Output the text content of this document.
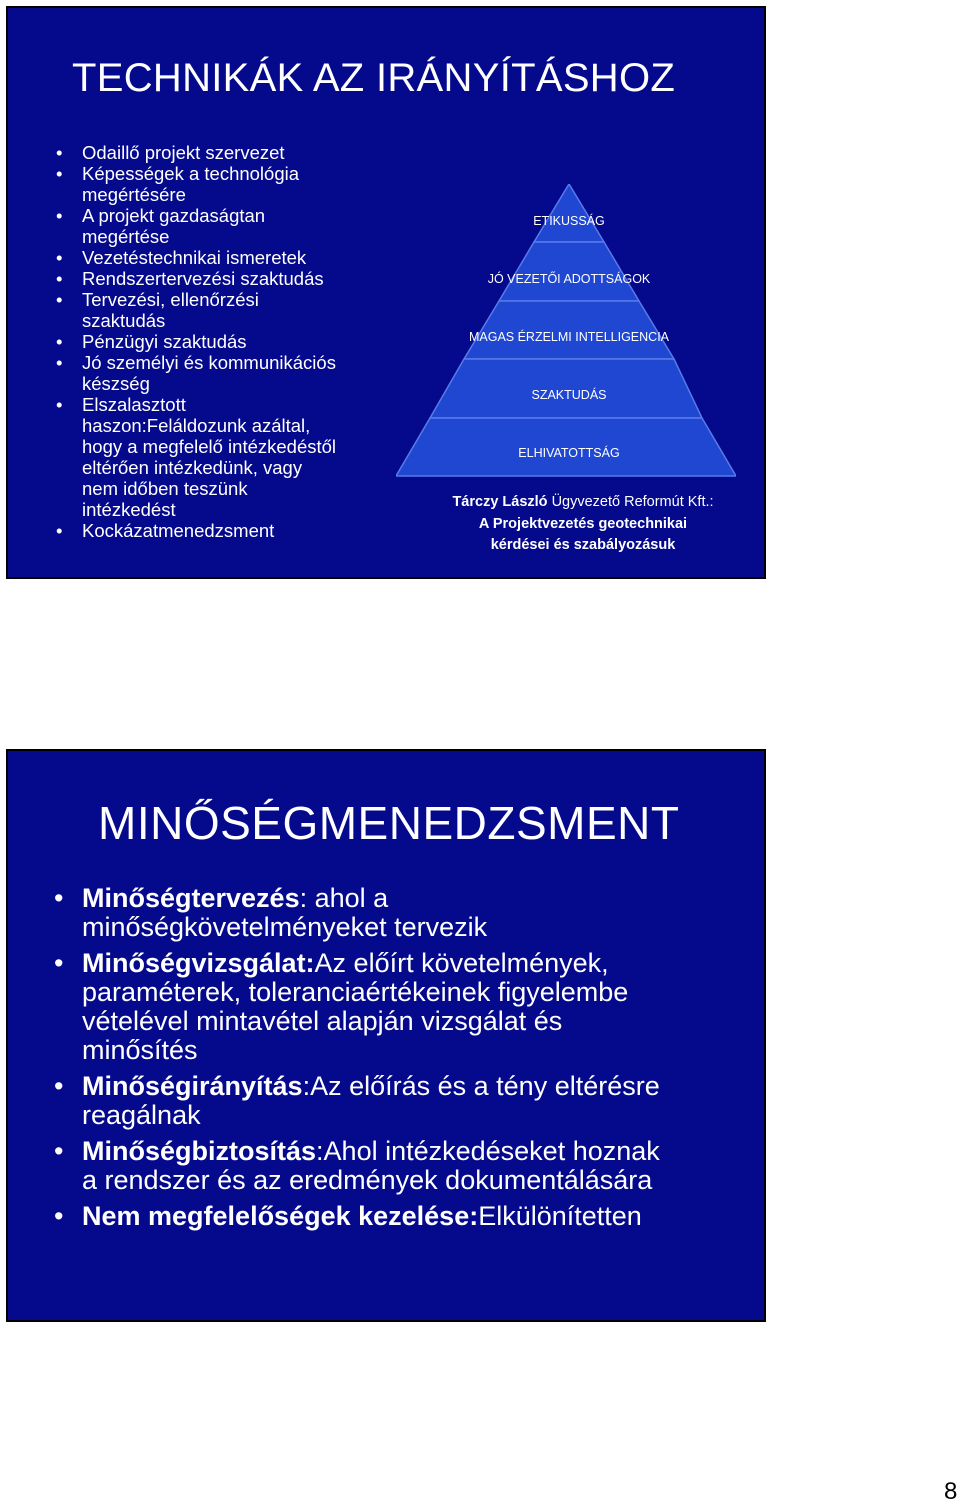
TECHNIKÁK AZ IRÁNYÍTÁSHOZ
• Odaillő projekt szervezet
• Képességek a technológia
megértésére
• A projekt gazdaságtan
megértése
• Vezetéstechnikai ismeretek
• Rendszertervezési szaktudás
• Tervezési, ellenőrzési
szaktudás
• Pénzügyi szaktudás
• Jó személyi és kommunikációs
készség
• Elszalasztott
haszon:Feláldozunk azáltal,
hogy a megfelelő intézkedéstől
eltérően intézkedünk, vagy
nem időben teszünk
intézkedést
• Kockázatmenedzsment
ETIKUSSÁG
JÓ VEZETŐI ADOTTSÁGOK
MAGAS ÉRZELMI INTELLIGENCIA
SZAKTUDÁS
ELHIVATOTTSÁG
Tárczy László Ügyvezető Reformút Kft.:
A Projektvezetés geotechnikai
kérdései és szabályozásuk
MINŐSÉGMENEDZSMENT
• Minőségtervezés: ahol a
minőségkövetelményeket tervezik
• Minőségvizsgálat:Az előírt követelmények,
paraméterek, toleranciaértékeinek figyelembe
vételével mintavétel alapján vizsgálat és
minősítés
• Minőségirányítás:Az előírás és a tény eltérésre
reagálnak
• Minőségbiztosítás:Ahol intézkedéseket hoznak
a rendszer és az eredmények dokumentálására
• Nem megfelelőségek kezelése:Elkülönítetten
8
